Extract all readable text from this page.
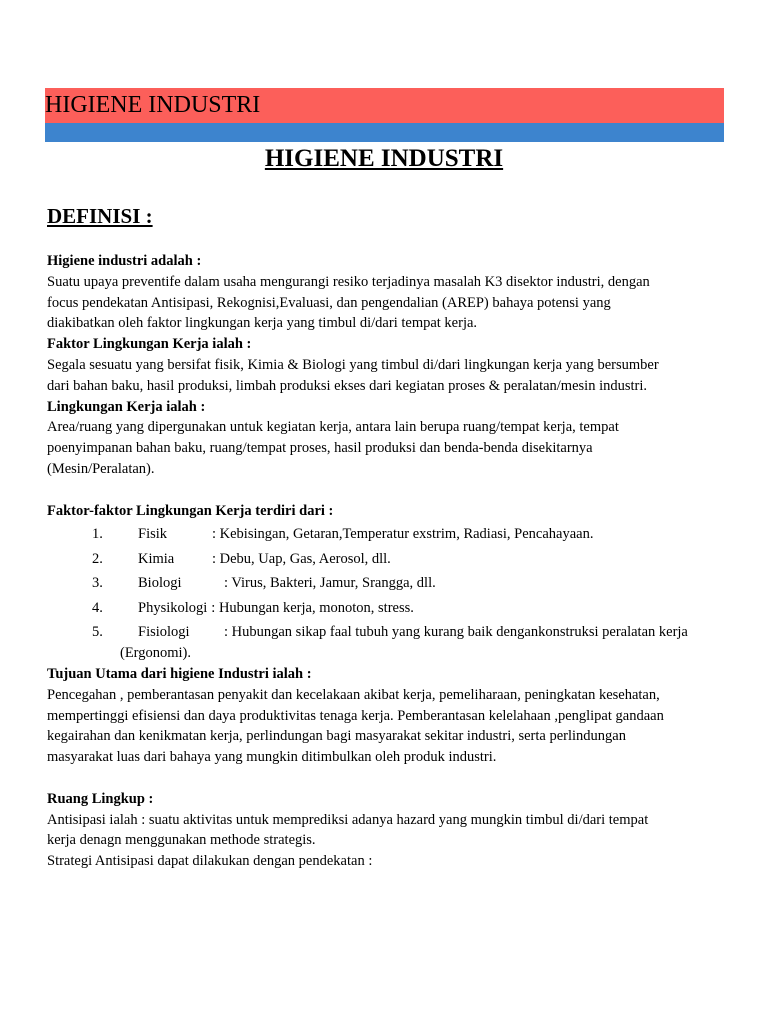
HIGIENE INDUSTRI
HIGIENE INDUSTRI
DEFINISI :

Higiene industri adalah :

Suatu upaya preventife dalam usaha mengurangi resiko terjadinya masalah K3 disektor industri, dengan

focus pendekatan Antisipasi, Rekognisi,Evaluasi, dan pengendalian (AREP) bahaya potensi yang

diakibatkan oleh faktor lingkungan kerja yang timbul di/dari tempat kerja.

Faktor Lingkungan Kerja ialah :

Segala sesuatu yang bersifat fisik, Kimia & Biologi yang timbul di/dari lingkungan kerja yang bersumber

dari bahan baku, hasil produksi, limbah produksi ekses dari kegiatan proses & peralatan/mesin industri.

Lingkungan Kerja ialah :

Area/ruang yang dipergunakan untuk kegiatan kerja, antara lain berupa ruang/tempat kerja, tempat

poenyimpanan bahan baku, ruang/tempat proses, hasil produksi dan benda-benda disekitarnya

(Mesin/Peralatan).

Faktor-faktor Lingkungan Kerja terdiri dari :

1.	Fisik	: Kebisingan, Getaran,Temperatur exstrim, Radiasi, Pencahayaan.
2.	Kimia	: Debu, Uap, Gas, Aerosol, dll.
3.	Biologi	: Virus, Bakteri, Jamur, Srangga, dll.
4.	Physikologi : Hubungan kerja, monoton, stress.
5.	Fisiologi	: Hubungan sikap faal tubuh yang kurang baik dengankonstruksi peralatan kerja

(Ergonomi).

Tujuan Utama dari higiene Industri ialah :

Pencegahan , pemberantasan penyakit dan kecelakaan akibat kerja, pemeliharaan, peningkatan kesehatan,

mempertinggi efisiensi dan daya produktivitas tenaga kerja. Pemberantasan kelelahaan ,penglipat gandaan

kegairahan dan kenikmatan kerja, perlindungan bagi masyarakat sekitar industri, serta perlindungan

masyarakat luas dari bahaya yang mungkin ditimbulkan oleh produk industri.

Ruang Lingkup :

Antisipasi ialah : suatu aktivitas untuk memprediksi adanya hazard yang mungkin timbul di/dari tempat

kerja denagn menggunakan methode strategis.

Strategi Antisipasi dapat dilakukan dengan pendekatan :
